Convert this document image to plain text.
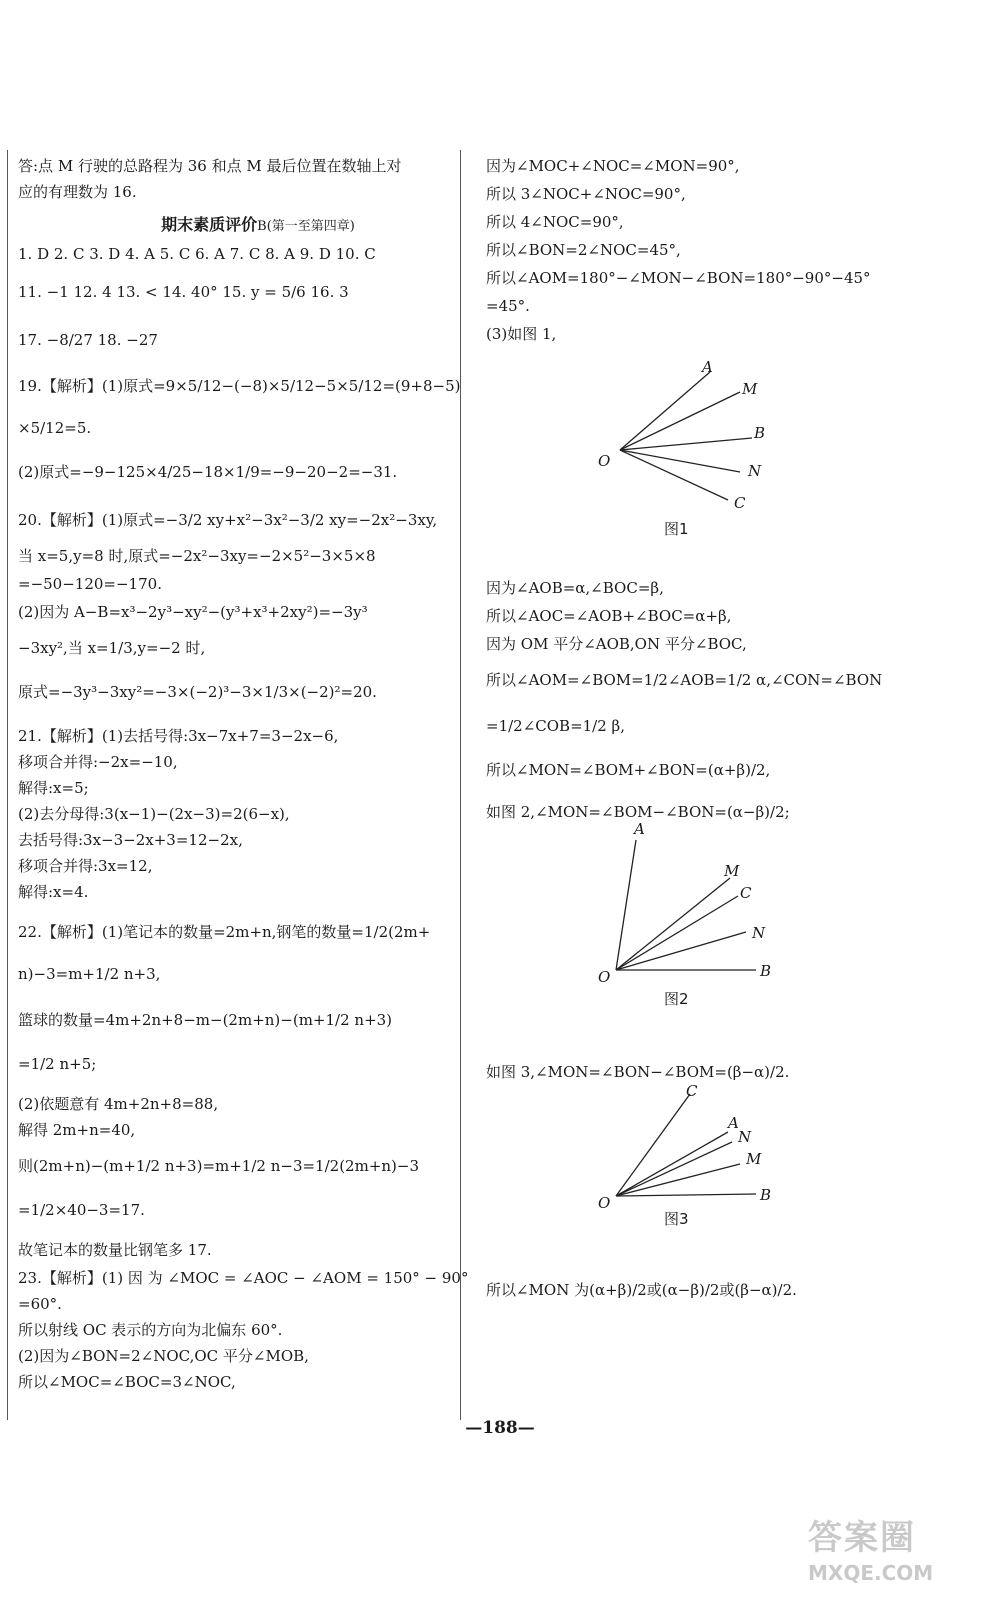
答:点 M 行驶的总路程为 36 和点 M 最后位置在数轴上对
应的有理数为 16.
期末素质评价B(第一至第四章)
1. D 2. C 3. D 4. A 5. C 6. A 7. C 8. A 9. D 10. C
11. −1 12. 4 13. < 14. 40° 15. y = 5/6 16. 3
17. −8/27 18. −27
19.【解析】(1)原式=9×5/12−(−8)×5/12−5×5/12=(9+8−5)
×5/12=5.
(2)原式=−9−125×4/25−18×1/9=−9−20−2=−31.
20.【解析】(1)原式=−3/2 xy+x²−3x²−3/2 xy=−2x²−3xy,
当 x=5,y=8 时,原式=−2x²−3xy=−2×5²−3×5×8
=−50−120=−170.
(2)因为 A−B=x³−2y³−xy²−(y³+x³+2xy²)=−3y³
−3xy²,当 x=1/3,y=−2 时,
原式=−3y³−3xy²=−3×(−2)³−3×1/3×(−2)²=20.
21.【解析】(1)去括号得:3x−7x+7=3−2x−6,
移项合并得:−2x=−10,
解得:x=5;
(2)去分母得:3(x−1)−(2x−3)=2(6−x),
去括号得:3x−3−2x+3=12−2x,
移项合并得:3x=12,
解得:x=4.
22.【解析】(1)笔记本的数量=2m+n,钢笔的数量=1/2(2m+
n)−3=m+1/2 n+3,
篮球的数量=4m+2n+8−m−(2m+n)−(m+1/2 n+3)
=1/2 n+5;
(2)依题意有 4m+2n+8=88,
解得 2m+n=40,
则(2m+n)−(m+1/2 n+3)=m+1/2 n−3=1/2(2m+n)−3
=1/2×40−3=17.
故笔记本的数量比钢笔多 17.
23.【解析】(1) 因 为 ∠MOC = ∠AOC − ∠AOM = 150° − 90°
=60°.
所以射线 OC 表示的方向为北偏东 60°.
(2)因为∠BON=2∠NOC,OC 平分∠MOB,
所以∠MOC=∠BOC=3∠NOC,
因为∠MOC+∠NOC=∠MON=90°,
所以 3∠NOC+∠NOC=90°,
所以 4∠NOC=90°,
所以∠BON=2∠NOC=45°,
所以∠AOM=180°−∠MON−∠BON=180°−90°−45°
=45°.
(3)如图 1,
因为∠AOB=α,∠BOC=β,
所以∠AOC=∠AOB+∠BOC=α+β,
因为 OM 平分∠AOB,ON 平分∠BOC,
所以∠AOM=∠BOM=1/2∠AOB=1/2 α,∠CON=∠BON
=1/2∠COB=1/2 β,
所以∠MON=∠BOM+∠BON=(α+β)/2,
如图 2,∠MON=∠BOM−∠BON=(α−β)/2;
如图 3,∠MON=∠BON−∠BOM=(β−α)/2.
所以∠MON 为(α+β)/2或(α−β)/2或(β−α)/2.
A
M
B
N
C
O
图1
A
M
C
N
B
O
图2
C
A
N
M
B
O
图3
—188—
答案圈
MXQE.COM
